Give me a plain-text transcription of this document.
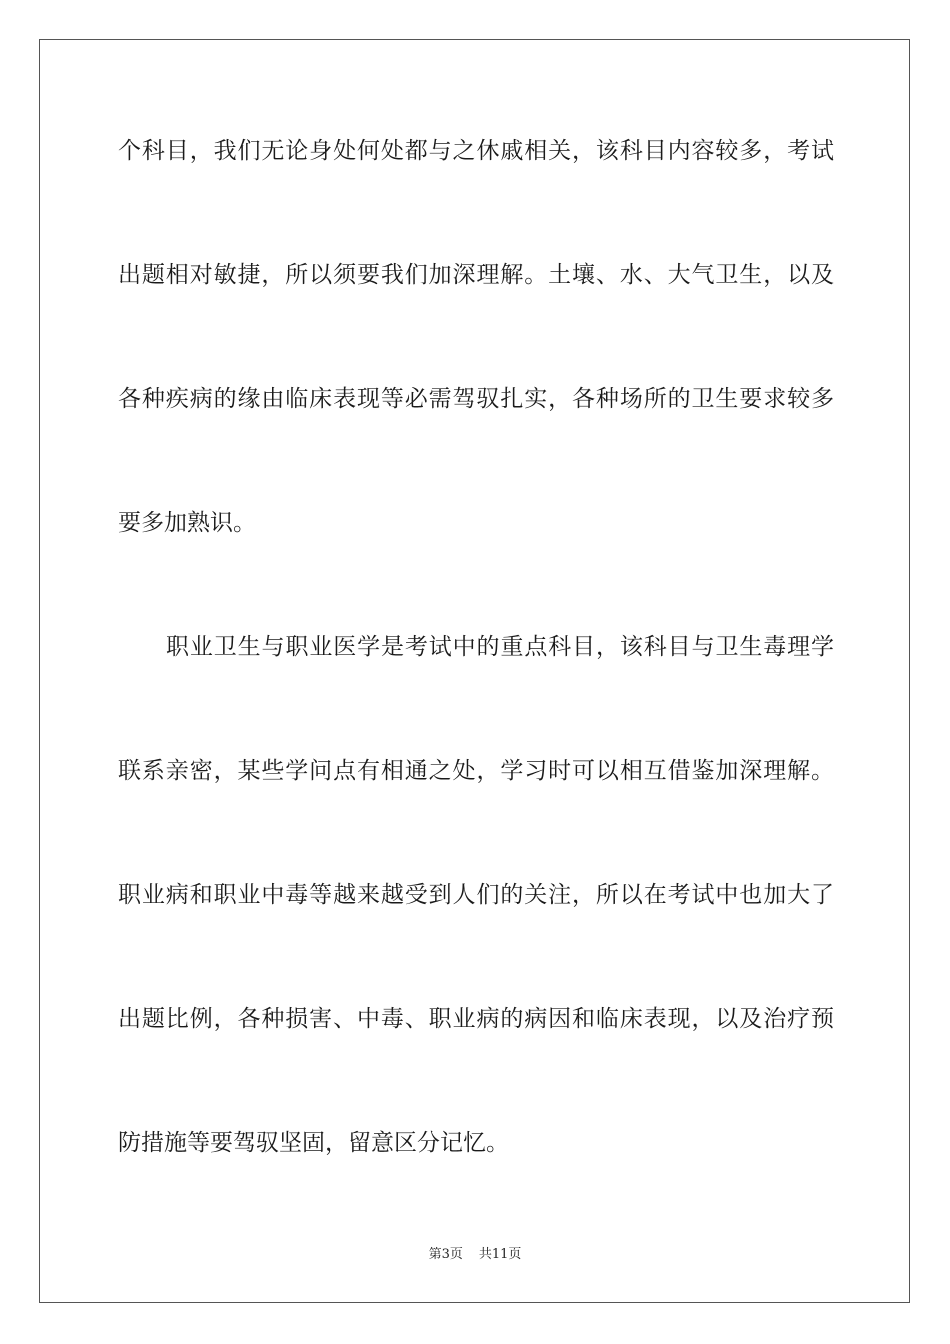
个科目，我们无论身处何处都与之休戚相关，该科目内容较多，考试
出题相对敏捷，所以须要我们加深理解。土壤、水、大气卫生，以及
各种疾病的缘由临床表现等必需驾驭扎实，各种场所的卫生要求较多
要多加熟识。
职业卫生与职业医学是考试中的重点科目，该科目与卫生毒理学
联系亲密，某些学问点有相通之处，学习时可以相互借鉴加深理解。
职业病和职业中毒等越来越受到人们的关注，所以在考试中也加大了
出题比例，各种损害、中毒、职业病的病因和临床表现，以及治疗预
防措施等要驾驭坚固，留意区分记忆。
第3页 共11页
